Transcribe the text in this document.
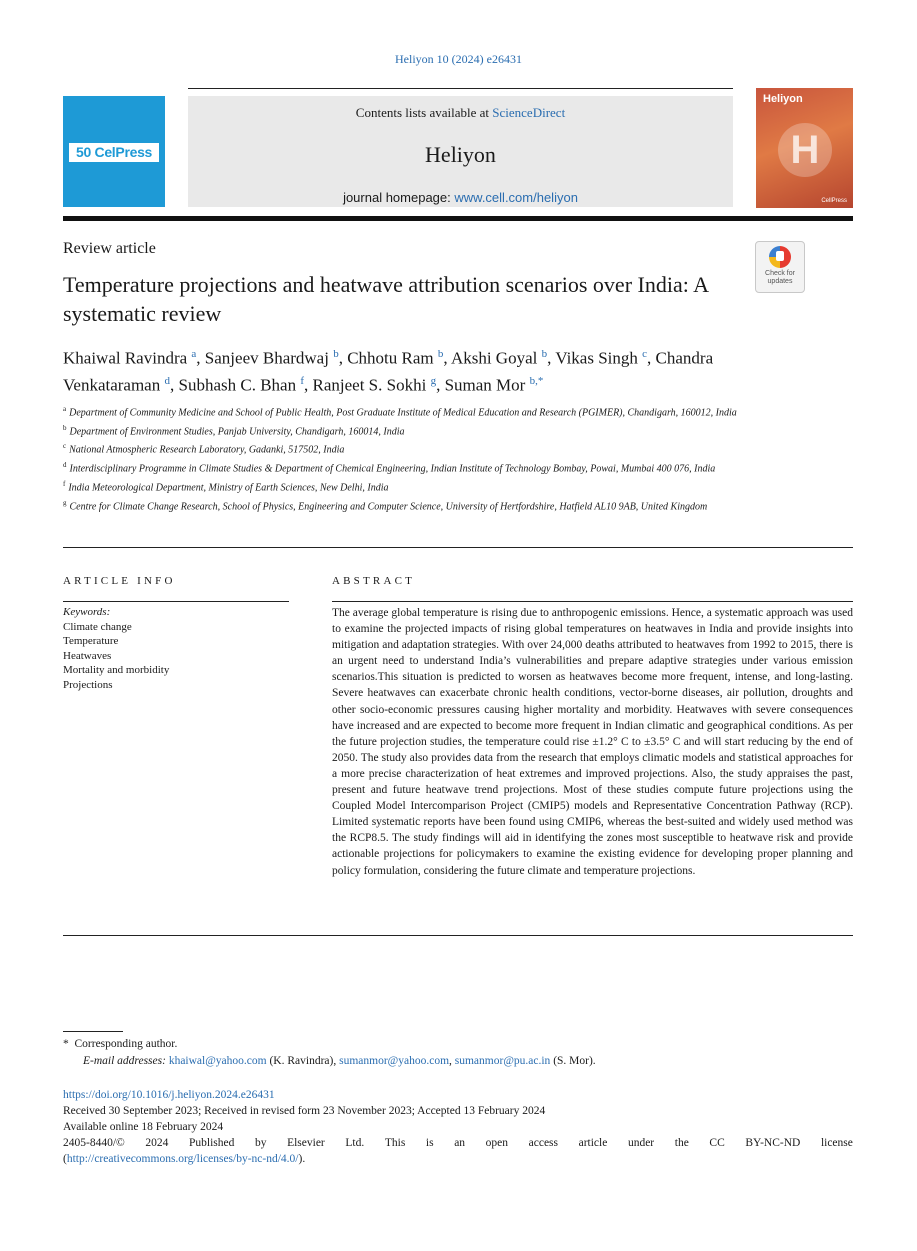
Heliyon 10 (2024) e26431
50 CelPress
Contents lists available at ScienceDirect
Heliyon
journal homepage: www.cell.com/heliyon
Heliyon
H
CellPress
Review article
Check for
updates
Temperature projections and heatwave attribution scenarios over India: A systematic review
Khaiwal Ravindra $^a$, Sanjeev Bhardwaj $^b$, Chhotu Ram $^b$, Akshi Goyal $^b$, Vikas Singh $^c$, Chandra Venkataraman $^d$, Subhash C. Bhan $^f$, Ranjeet S. Sokhi $^g$, Suman Mor $^{b,*}$

$^a$ Department of Community Medicine and School of Public Health, Post Graduate Institute of Medical Education and Research (PGIMER), Chandigarh, 160012, India

$^b$ Department of Environment Studies, Panjab University, Chandigarh, 160014, India

$^c$ National Atmospheric Research Laboratory, Gadanki, 517502, India

$^d$ Interdisciplinary Programme in Climate Studies & Department of Chemical Engineering, Indian Institute of Technology Bombay, Powai, Mumbai 400 076, India

$^f$ India Meteorological Department, Ministry of Earth Sciences, New Delhi, India

$^g$ Centre for Climate Change Research, School of Physics, Engineering and Computer Science, University of Hertfordshire, Hatfield AL10 9AB, United Kingdom

ARTICLE INFO	ABSTRACT
Keywords:
Climate change
Temperature
Heatwaves
Mortality and morbidity
Projections
The average global temperature is rising due to anthropogenic emissions. Hence, a systematic approach was used to examine the projected impacts of rising global temperatures on heatwaves in India and provide insights into mitigation and adaptation strategies. With over 24,000 deaths attributed to heatwaves from 1992 to 2015, there is an urgent need to understand India’s vulnerabilities and prepare adaptive strategies under various emission scenarios.This situation is predicted to worsen as heatwaves become more frequent, intense, and long-lasting. Severe heatwaves can exacerbate chronic health conditions, vector-borne diseases, air pollution, droughts and other socio-economic pressures causing higher mortality and morbidity. Heatwaves with severe consequences have increased and are expected to become more frequent in Indian climatic and geographical conditions. As per the future projection studies, the temperature could rise ±1.2° C to ±3.5° C and will start reducing by the end of 2050. The study also provides data from the research that employs climatic models and statistical approaches for a more precise characterization of heat extremes and improved projections. Also, the study appraises the past, present and future heatwave trend projections. Most of these studies compute future projections using the Coupled Model Intercomparison Project (CMIP5) models and Representative Concentration Pathway (RCP). Limited systematic reports have been found using CMIP6, whereas the best-suited and widely used method was the RCP8.5. The study findings will aid in identifying the zones most susceptible to heatwave risk and provide actionable projections for policymakers to examine the existing evidence for developing proper planning and policy formulation, considering the future climate and temperature projections.
* Corresponding author.
E-mail addresses: khaiwal@yahoo.com (K. Ravindra), sumanmor@yahoo.com, sumanmor@pu.ac.in (S. Mor).
https://doi.org/10.1016/j.heliyon.2024.e26431
Received 30 September 2023; Received in revised form 23 November 2023; Accepted 13 February 2024
Available online 18 February 2024
2405-8440/© 2024 Published by Elsevier Ltd. This is an open access article under the CC BY-NC-ND license
(http://creativecommons.org/licenses/by-nc-nd/4.0/).
